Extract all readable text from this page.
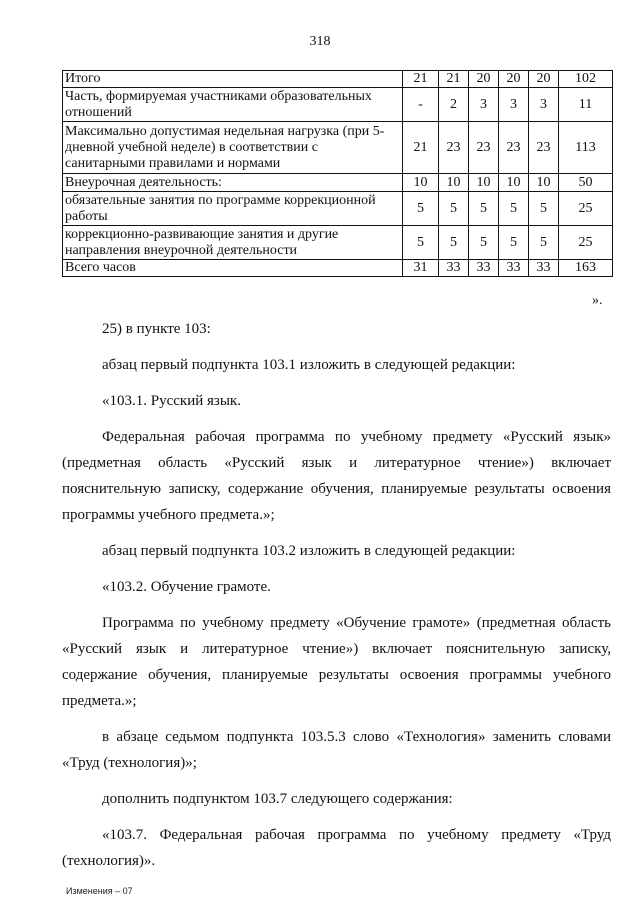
318
Итого	21	21	20	20	20	102
Часть, формируемая участниками образовательных отношений	-	2	3	3	3	11
Максимально допустимая недельная нагрузка (при 5-дневной учебной неделе) в соответствии с санитарными правилами и нормами	21	23	23	23	23	113
Внеурочная деятельность:	10	10	10	10	10	50
обязательные занятия по программе коррекционной работы	5	5	5	5	5	25
коррекционно-развивающие занятия и другие направления внеурочной деятельности	5	5	5	5	5	25
Всего часов	31	33	33	33	33	163
».

25) в пункте 103:

абзац первый подпункта 103.1 изложить в следующей редакции:

«103.1. Русский язык.

Федеральная рабочая программа по учебному предмету «Русский язык» (предметная область «Русский язык и литературное чтение») включает пояснительную записку, содержание обучения, планируемые результаты освоения программы учебного предмета.»;

абзац первый подпункта 103.2 изложить в следующей редакции:

«103.2. Обучение грамоте.

Программа по учебному предмету «Обучение грамоте» (предметная область «Русский язык и литературное чтение») включает пояснительную записку, содержание обучения, планируемые результаты освоения программы учебного предмета.»;

в абзаце седьмом подпункта 103.5.3 слово «Технология» заменить словами «Труд (технология)»;

дополнить подпунктом 103.7 следующего содержания:

«103.7. Федеральная рабочая программа по учебному предмету «Труд (технология)».

Изменения – 07
